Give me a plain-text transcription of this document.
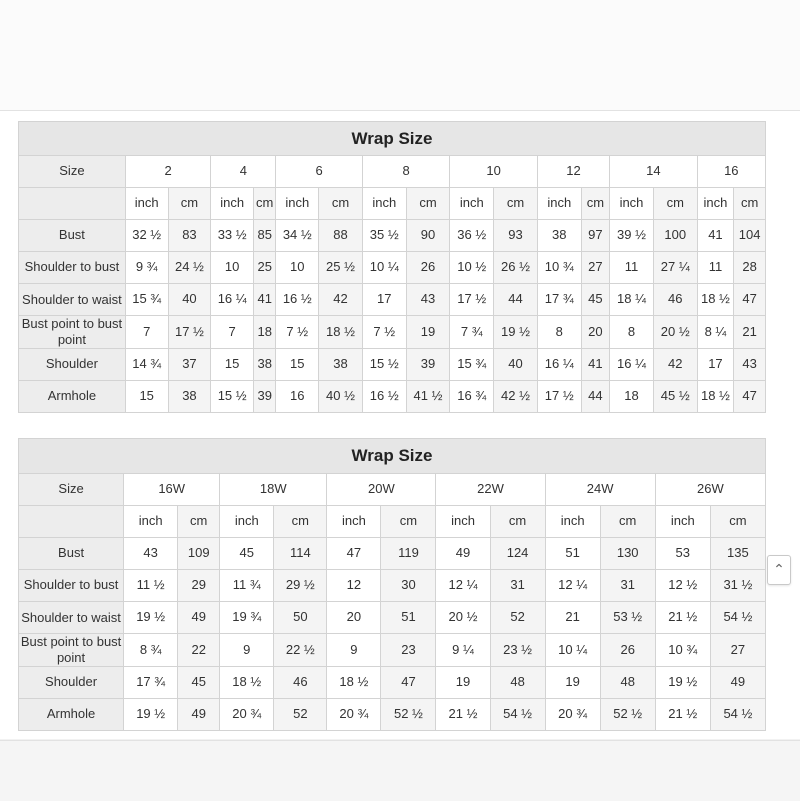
Wrap Size																
Size	2		4		6		8		10		12		14		16	
	inch	cm	inch	cm	inch	cm	inch	cm	inch	cm	inch	cm	inch	cm	inch	cm
Bust	32 ½	83	33 ½	85	34 ½	88	35 ½	90	36 ½	93	38	97	39 ½	100	41	104
Shoulder to bust	9 ¾	24 ½	10	25	10	25 ½	10 ¼	26	10 ½	26 ½	10 ¾	27	11	27 ¼	11	28
Shoulder to waist	15 ¾	40	16 ¼	41	16 ½	42	17	43	17 ½	44	17 ¾	45	18 ¼	46	18 ½	47
Bust point to bust point	7	17 ½	7	18	7 ½	18 ½	7 ½	19	7 ¾	19 ½	8	20	8	20 ½	8 ¼	21
Shoulder	14 ¾	37	15	38	15	38	15 ½	39	15 ¾	40	16 ¼	41	16 ¼	42	17	43
Armhole	15	38	15 ½	39	16	40 ½	16 ½	41 ½	16 ¾	42 ½	17 ½	44	18	45 ½	18 ½	47
Wrap Size												
Size	16W		18W		20W		22W		24W		26W	
	inch	cm	inch	cm	inch	cm	inch	cm	inch	cm	inch	cm
Bust	43	109	45	114	47	119	49	124	51	130	53	135
Shoulder to bust	11 ½	29	11 ¾	29 ½	12	30	12 ¼	31	12 ¼	31	12 ½	31 ½
Shoulder to waist	19 ½	49	19 ¾	50	20	51	20 ½	52	21	53 ½	21 ½	54 ½
Bust point to bust point	8 ¾	22	9	22 ½	9	23	9 ¼	23 ½	10 ¼	26	10 ¾	27
Shoulder	17 ¾	45	18 ½	46	18 ½	47	19	48	19	48	19 ½	49
Armhole	19 ½	49	20 ¾	52	20 ¾	52 ½	21 ½	54 ½	20 ¾	52 ½	21 ½	54 ½
⌃
